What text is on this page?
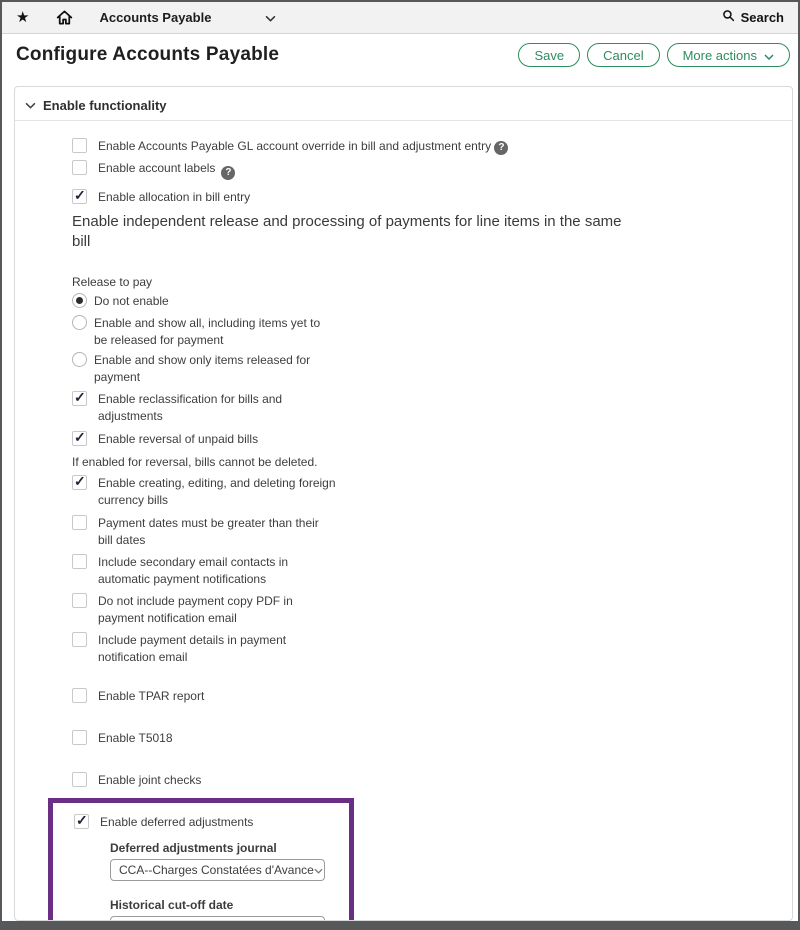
★	Accounts Payable	Search
Configure Accounts Payable	Save	Cancel	More actions
Enable functionality
Enable Accounts Payable GL account override in bill and adjustment entry ?
Enable account labels ?
✓
Enable allocation in bill entry
Enable independent release and processing of payments for line items in the same bill
Release to pay
Do not enable
Enable and show all, including items yet to be released for payment
Enable and show only items released for payment
✓
Enable reclassification for bills and adjustments
✓
Enable reversal of unpaid bills
If enabled for reversal, bills cannot be deleted.
✓
Enable creating, editing, and deleting foreign currency bills
Payment dates must be greater than their bill dates
Include secondary email contacts in automatic payment notifications
Do not include payment copy PDF in payment notification email
Include payment details in payment notification email
Enable TPAR report
Enable T5018
Enable joint checks
✓
Enable deferred adjustments
Deferred adjustments journal
CCA--Charges Constatées d'Avance
Historical cut-off date
01/01/2020
